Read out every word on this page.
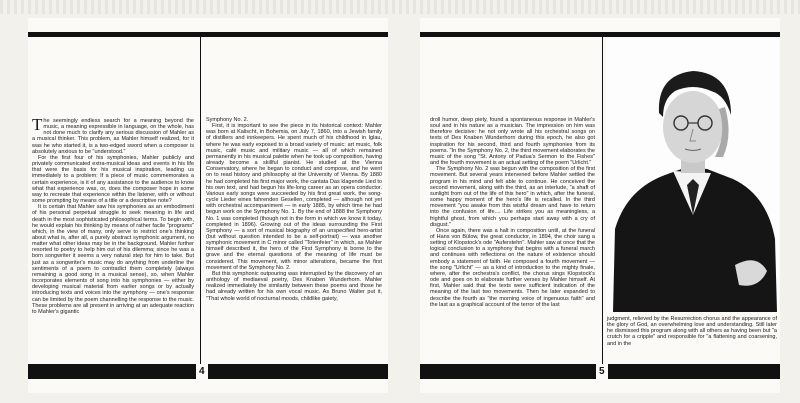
The seemingly endless search for a meaning beyond the music, a meaning expressible in language, on the whole, has not done much to clarify any serious discussion of Mahler as a musical thinker. This problem, as Mahler himself realized, for it was he who started it, is a two-edged sword when a composer is absolutely anxious to be "understood."

For the first four of his symphonies, Mahler publicly and privately communicated extra-musical ideas and events in his life that were the basis for his musical inspiration, leading us immediately to a problem: If a piece of music commemorates a certain experience, is it of any assistance to the audience to know what that experience was, or, does the composer hope in some way to recreate that experience within the listener, with or without some prompting by means of a title or a descriptive note?

It is certain that Mahler saw his symphonies as an embodiment of his personal perpetual struggle to seek meaning in life and death in the most sophisticated philosophical terms. To begin with, he would explain his thinking by means of rather facile "programs" which, in the view of many, only serve to restrict one's thinking about what is, after all, a purely abstract symphonic argument, no matter what other ideas may be in the background. Mahler further resorted to poetry to help him out of his dilemma; since he was a born songwriter it seems a very natural step for him to take. But just as a songwriter's music may do anything from underline the sentiments of a poem to contradict them completely (always remaining a good song in a musical sense), so, when Mahler incorporates elements of song into his symphonies — either by developing musical material from earlier songs or by actually introducing texts and voices into the symphony — one's response can be limited by the poem channelling the response to the music. These problems are all present in arriving at an adequate reaction to Mahler's gigantic

Symphony No. 2.

First, it is important to see the piece in its historical context: Mahler was born at Kalischt, in Bohemia, on July 7, 1860, into a Jewish family of distillers and innkeepers. He spent much of his childhood in Iglau, where he was early exposed to a broad variety of music: art music, folk music, café music and military music — all of which remained permanently in his musical palette when he took up composition, having already become a skillful pianist. He studied at the Vienna Conservatory, where he began to conduct and compose, and he went on to read history and philosophy at the University of Vienna. By 1880 he had completed his first major work, the cantata Das klagende Lied to his own text, and had begun his life-long career as an opera conductor. Various early songs were succeeded by his first great work, the song-cycle Lieder eines fahrenden Gesellen, completed — although not yet with orchestral accompaniment — in early 1885, by which time he had begun work on the Symphony No. 1. By the end of 1888 the Symphony No. 1 was completed (though not in the form in which we know it today, completed in 1896). Growing out of the ideas surrounding the First Symphony — a sort of musical biography of an unspecified hero-artist (but without question intended to be a self-portrait) — was another symphonic movement in C minor called "Totenfeier" in which, as Mahler himself described it, the hero of the First Symphony is borne to the grave and the eternal questions of the meaning of life must be considered. This movement, with minor alterations, became the first movement of the Symphony No. 2.

But this symphonic outpouring was interrupted by the discovery of an anthology of mediaeval poetry, Des Knaben Wunderhorn. Mahler realized immediately the similarity between these poems and those he had already written for his own vocal music. As Bruno Walter put it, "That whole world of nocturnal moods, childlike gaiety,

4

droll humor, deep piety, found a spontaneous response in Mahler's soul and in his nature as a musician. The impression on him was therefore decisive: he not only wrote all his orchestral songs on texts of Des Knaben Wunderhorn during this epoch, he also got inspiration for his second, third and fourth symphonies from its poems. "In the Symphony No. 2, the third movement elaborates the music of the song "St. Antony of Padua's Sermon to the Fishes" and the fourth movement is an actual setting of the poem "Urlicht."

The Symphony No. 2 was begun with the composition of the first movement. But several years intervened before Mahler settled the program in his mind and felt able to continue. He conceived the second movement, along with the third, as an interlude, "a shaft of sunlight from out of the life of this hero" in which, after the funeral, some happy moment of the hero's life is recalled. In the third movement "you awake from this wistful dream and have to return into the confusion of life.... Life strikes you as meaningless, a frightful ghost, from which you perhaps start away with a cry of disgust."

Once again, there was a halt in composition until, at the funeral of Hans von Bülow, the great conductor, in 1894, the choir sang a setting of Klopstock's ode "Auferstehn". Mahler saw at once that the logical conclusion to a symphony that begins with a funeral march and continues with reflections on the nature of existence should embody a statement of faith. He composed a fourth movement — the song "Urlicht" — as a kind of introduction to the mighty finale, where, after the orchestra's conflict, the chorus sings Klopstock's ode and goes on to elaborate further verses by Mahler himself. At first, Mahler said that the texts were sufficient indication of the meaning of the last two movements. Then he later expanded to describe the fourth as "the morning voice of ingenuous faith" and the last as a graphical account of the terror of the last

judgment, relieved by the Resurrection chorus and the appearance of the glory of God, an overwhelming love and understanding. Still later he dismissed this program along with all others as having been but "a crutch for a cripple" and responsible for "a flattening and coarsening, and in the

5
